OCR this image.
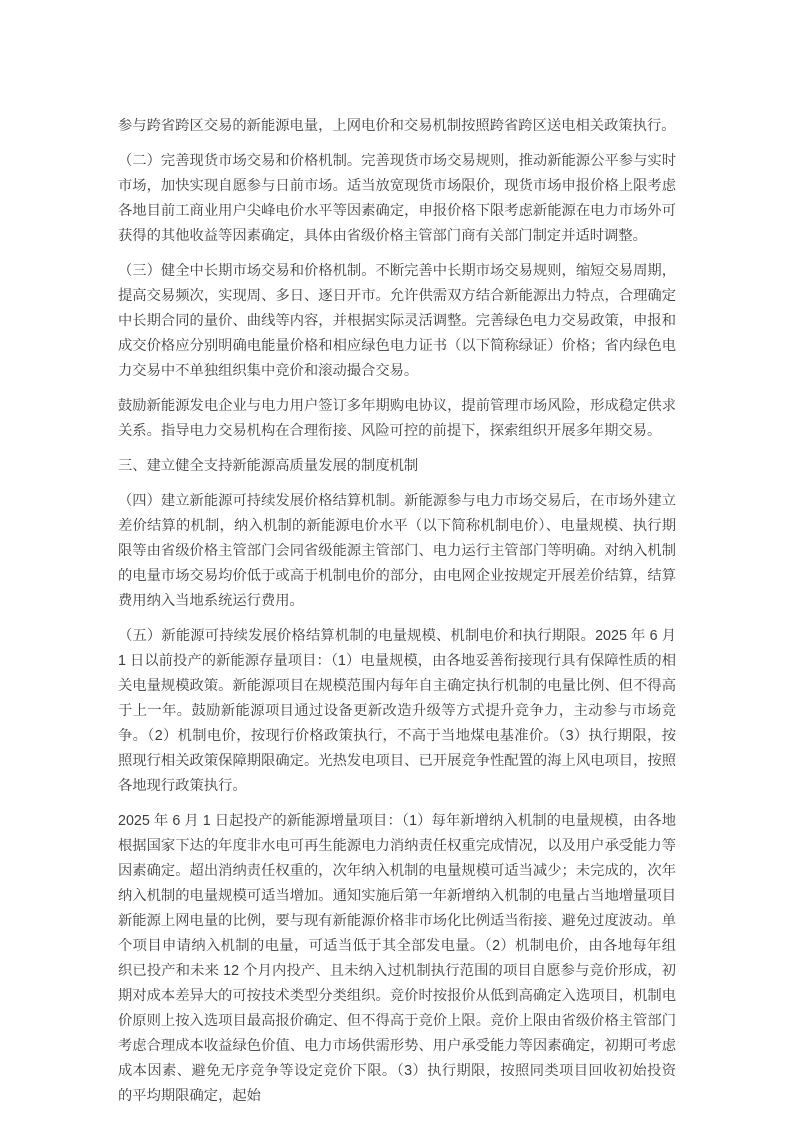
参与跨省跨区交易的新能源电量，上网电价和交易机制按照跨省跨区送电相关政策执行。

（二）完善现货市场交易和价格机制。完善现货市场交易规则，推动新能源公平参与实时市场，加快实现自愿参与日前市场。适当放宽现货市场限价，现货市场申报价格上限考虑各地目前工商业用户尖峰电价水平等因素确定，申报价格下限考虑新能源在电力市场外可获得的其他收益等因素确定，具体由省级价格主管部门商有关部门制定并适时调整。

（三）健全中长期市场交易和价格机制。不断完善中长期市场交易规则，缩短交易周期，提高交易频次，实现周、多日、逐日开市。允许供需双方结合新能源出力特点，合理确定中长期合同的量价、曲线等内容，并根据实际灵活调整。完善绿色电力交易政策，申报和成交价格应分别明确电能量价格和相应绿色电力证书（以下简称绿证）价格；省内绿色电力交易中不单独组织集中竞价和滚动撮合交易。

鼓励新能源发电企业与电力用户签订多年期购电协议，提前管理市场风险，形成稳定供求关系。指导电力交易机构在合理衔接、风险可控的前提下，探索组织开展多年期交易。

三、建立健全支持新能源高质量发展的制度机制

（四）建立新能源可持续发展价格结算机制。新能源参与电力市场交易后，在市场外建立差价结算的机制，纳入机制的新能源电价水平（以下简称机制电价）、电量规模、执行期限等由省级价格主管部门会同省级能源主管部门、电力运行主管部门等明确。对纳入机制的电量市场交易均价低于或高于机制电价的部分，由电网企业按规定开展差价结算，结算费用纳入当地系统运行费用。

（五）新能源可持续发展价格结算机制的电量规模、机制电价和执行期限。2025 年 6 月 1 日以前投产的新能源存量项目：（1）电量规模，由各地妥善衔接现行具有保障性质的相关电量规模政策。新能源项目在规模范围内每年自主确定执行机制的电量比例、但不得高于上一年。鼓励新能源项目通过设备更新改造升级等方式提升竞争力，主动参与市场竞争。（2）机制电价，按现行价格政策执行，不高于当地煤电基准价。（3）执行期限，按照现行相关政策保障期限确定。光热发电项目、已开展竞争性配置的海上风电项目，按照各地现行政策执行。

2025 年 6 月 1 日起投产的新能源增量项目：（1）每年新增纳入机制的电量规模，由各地根据国家下达的年度非水电可再生能源电力消纳责任权重完成情况，以及用户承受能力等因素确定。超出消纳责任权重的，次年纳入机制的电量规模可适当减少；未完成的，次年纳入机制的电量规模可适当增加。通知实施后第一年新增纳入机制的电量占当地增量项目新能源上网电量的比例，要与现有新能源价格非市场化比例适当衔接、避免过度波动。单个项目申请纳入机制的电量，可适当低于其全部发电量。（2）机制电价，由各地每年组织已投产和未来 12 个月内投产、且未纳入过机制执行范围的项目自愿参与竞价形成，初期对成本差异大的可按技术类型分类组织。竞价时按报价从低到高确定入选项目，机制电价原则上按入选项目最高报价确定、但不得高于竞价上限。竞价上限由省级价格主管部门考虑合理成本收益绿色价值、电力市场供需形势、用户承受能力等因素确定，初期可考虑成本因素、避免无序竞争等设定竞价下限。（3）执行期限，按照同类项目回收初始投资的平均期限确定，起始
